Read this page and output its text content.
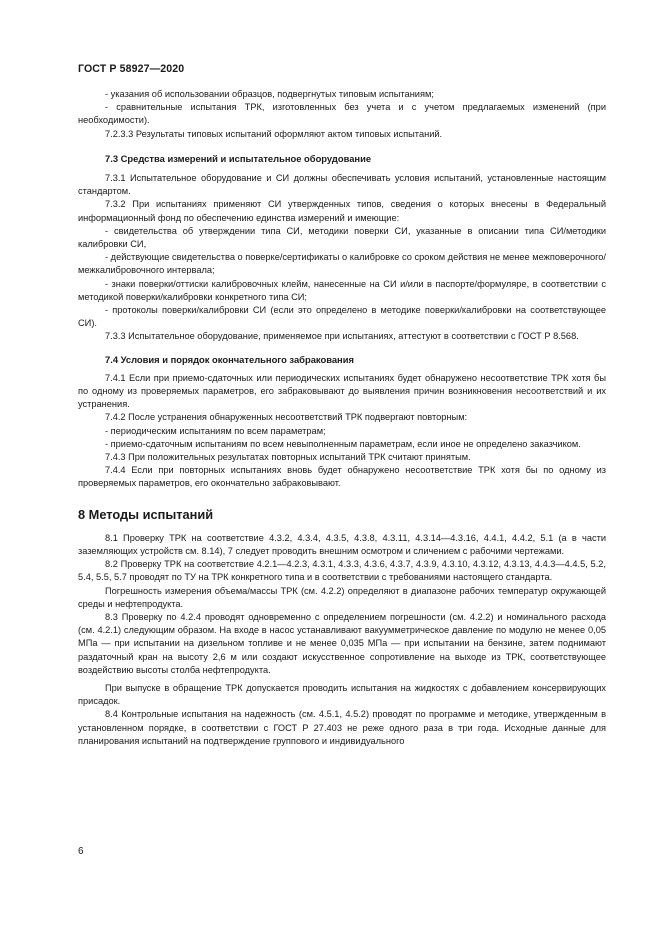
ГОСТ Р 58927—2020

- указания об использовании образцов, подвергнутых типовым испытаниям;

- сравнительные испытания ТРК, изготовленных без учета и с учетом предлагаемых изменений (при необходимости).

7.2.3.3 Результаты типовых испытаний оформляют актом типовых испытаний.

7.3 Средства измерений и испытательное оборудование

7.3.1 Испытательное оборудование и СИ должны обеспечивать условия испытаний, установленные настоящим стандартом.

7.3.2 При испытаниях применяют СИ утвержденных типов, сведения о которых внесены в Федеральный информационный фонд по обеспечению единства измерений и имеющие:

- свидетельства об утверждении типа СИ, методики поверки СИ, указанные в описании типа СИ/методики калибровки СИ,

- действующие свидетельства о поверке/сертификаты о калибровке со сроком действия не менее межповерочного/межкалибровочного интервала;

- знаки поверки/оттиски калибровочных клейм, нанесенные на СИ и/или в паспорте/формуляре, в соответствии с методикой поверки/калибровки конкретного типа СИ;

- протоколы поверки/калибровки СИ (если это определено в методике поверки/калибровки на соответствующее СИ).

7.3.3 Испытательное оборудование, применяемое при испытаниях, аттестуют в соответствии с ГОСТ Р 8.568.

7.4 Условия и порядок окончательного забракования

7.4.1 Если при приемо-сдаточных или периодических испытаниях будет обнаружено несоответствие ТРК хотя бы по одному из проверяемых параметров, его забраковывают до выявления причин возникновения несоответствий и их устранения.

7.4.2 После устранения обнаруженных несоответствий ТРК подвергают повторным:

- периодическим испытаниям по всем параметрам;

- приемо-сдаточным испытаниям по всем невыполненным параметрам, если иное не определено заказчиком.

7.4.3 При положительных результатах повторных испытаний ТРК считают принятым.

7.4.4 Если при повторных испытаниях вновь будет обнаружено несоответствие ТРК хотя бы по одному из проверяемых параметров, его окончательно забраковывают.

8 Методы испытаний

8.1 Проверку ТРК на соответствие 4.3.2, 4.3.4, 4.3.5, 4.3.8, 4.3.11, 4.3.14—4.3.16, 4.4.1, 4.4.2, 5.1 (а в части заземляющих устройств см. 8.14), 7 следует проводить внешним осмотром и сличением с рабочими чертежами.

8.2 Проверку ТРК на соответствие 4.2.1—4.2.3, 4.3.1, 4.3.3, 4.3.6, 4.3.7, 4.3.9, 4.3.10, 4.3.12, 4.3.13, 4.4.3—4.4.5, 5.2, 5.4, 5.5, 5.7 проводят по ТУ на ТРК конкретного типа и в соответствии с требованиями настоящего стандарта.

Погрешность измерения объема/массы ТРК (см. 4.2.2) определяют в диапазоне рабочих температур окружающей среды и нефтепродукта.

8.3 Проверку по 4.2.4 проводят одновременно с определением погрешности (см. 4.2.2) и номинального расхода (см. 4.2.1) следующим образом. На входе в насос устанавливают вакуумметрическое давление по модулю не менее 0,05 МПа — при испытании на дизельном топливе и не менее 0,035 МПа — при испытании на бензине, затем поднимают раздаточный кран на высоту 2,6 м или создают искусственное сопротивление на выходе из ТРК, соответствующее воздействию высоты столба нефтепродукта.

При выпуске в обращение ТРК допускается проводить испытания на жидкостях с добавлением консервирующих присадок.

8.4 Контрольные испытания на надежность (см. 4.5.1, 4.5.2) проводят по программе и методике, утвержденным в установленном порядке, в соответствии с ГОСТ Р 27.403 не реже одного раза в три года. Исходные данные для планирования испытаний на подтверждение группового и индивидуального

6
